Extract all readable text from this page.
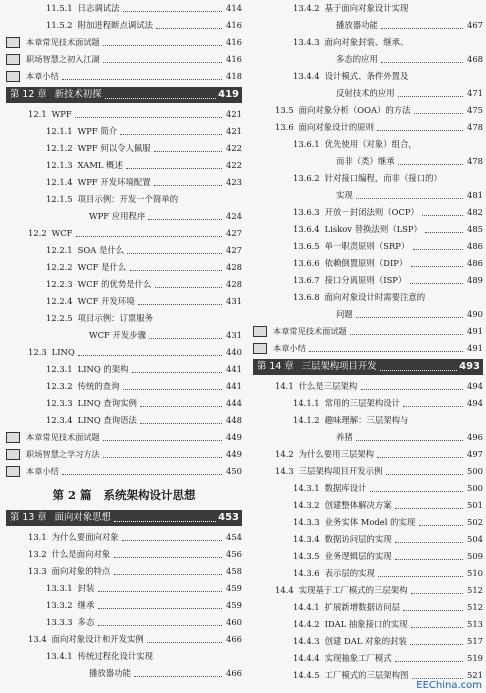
11.5.1 日志调试法	414
11.5.2 附加进程断点调试法	416
本章常见技术面试题	416
职场智慧之初入江湖	416
本章小结	418
第 12 章 新技术初探	419
12.1 WPF	421
12.1.1 WPF 简介	421
12.1.2 WPF 何以令人佩服	422
12.1.3 XAML 概述	422
12.1.4 WPF 开发环境配置	423
12.1.5 项目示例：开发一个简单的
WPF 应用程序	424
12.2 WCF	427
12.2.1 SOA 是什么	427
12.2.2 WCF 是什么	428
12.2.3 WCF 的优势是什么	428
12.2.4 WCF 开发环境	431
12.2.5 项目示例：订票服务
WCF 开发步骤	431
12.3 LINQ	440
12.3.1 LINQ 的架构	441
12.3.2 传统的查询	441
12.3.3 LINQ 查询实例	444
12.3.4 LINQ 查询语法	448
本章常见技术面试题	449
职场智慧之学习方法	449
本章小结	450
第 2 篇 系统架构设计思想
第 13 章 面向对象思想	453
13.1 为什么要面向对象	454
13.2 什么是面向对象	456
13.3 面向对象的特点	458
13.3.1 封装	459
13.3.2 继承	459
13.3.3 多态	460
13.4 面向对象设计和开发实例	466
13.4.1 传统过程化设计实现
播放器功能	466
13.4.2 基于面向对象设计实现
播放器功能	467
13.4.3 面向对象封装、继承、
多态的应用	468
13.4.4 设计模式、条件外置及
反射技术的应用	471
13.5 面向对象分析（OOA）的方法	475
13.6 面向对象设计的原则	478
13.6.1 优先使用（对象）组合，
而非（类）继承	478
13.6.2 针对接口编程，而非（接口的）
实现	481
13.6.3 开放－封闭法则（OCP）	482
13.6.4 Liskov 替换法则（LSP）	485
13.6.5 单一职责原则（SRP）	486
13.6.6 依赖倒置原则（DIP）	486
13.6.7 接口分离原则（ISP）	489
13.6.8 面向对象设计时需要注意的
问题	490
本章常见技术面试题	491
本章小结	491
第 14 章 三层架构项目开发	493
14.1 什么是三层架构	494
14.1.1 常用的三层架构设计	494
14.1.2 趣味理解：三层架构与
养猪	496
14.2 为什么要用三层架构	497
14.3 三层架构项目开发示例	500
14.3.1 数据库设计	500
14.3.2 创建整体解决方案	501
14.3.3 业务实体 Model 的实现	502
14.3.4 数据访问层的实现	504
14.3.5 业务逻辑层的实现	509
14.3.6 表示层的实现	510
14.4 实现基于工厂模式的三层架构	512
14.4.1 扩展新增数据访问层	512
14.4.2 IDAL 抽象接口的实现	513
14.4.3 创建 DAL 对象的封装	517
14.4.4 实现抽象工厂模式	519
14.4.5 工厂模式的三层架构图	521
EEChina.com
